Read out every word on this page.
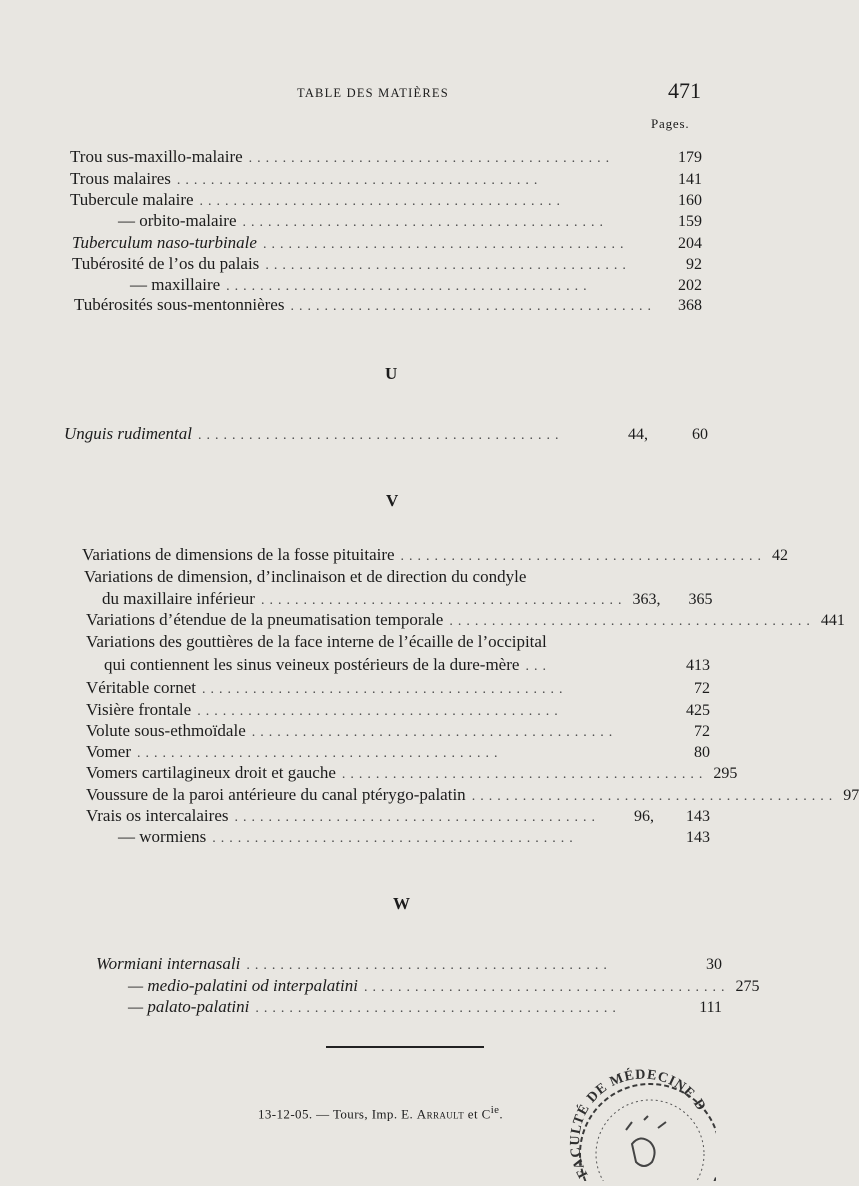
TABLE DES MATIÈRES	471
Pages.
Trou sus-maxillo-malaire ...........................................	179
Trous malaires ...........................................	141
Tubercule malaire ...........................................	160
— orbito-malaire ...........................................	159
Tuberculum naso-turbinale ...........................................	204
Tubérosité de l’os du palais ...........................................	92
— maxillaire ...........................................	202
Tubérosités sous-mentonnières ...........................................	368
U
Unguis rudimental ...........................................	44,	60
V
Variations de dimensions de la fosse pituitaire ........................................... 42
Variations de dimension, d’inclinaison et de direction du condyle
du maxillaire inférieur ........................................... 363,	365
Variations d’étendue de la pneumatisation temporale ........................................... 441
Variations des gouttières de la face interne de l’écaille de l’occipital
qui contiennent les sinus veineux postérieurs de la dure-mère ...	413
Véritable cornet ...........................................	72
Visière frontale ...........................................	425
Volute sous-ethmoïdale ...........................................	72
Vomer ...........................................	80
Vomers cartilagineux droit et gauche ........................................... 295
Voussure de la paroi antérieure du canal ptérygo-palatin ........................................... 97
Vrais os intercalaires ...........................................	96,	143
— wormiens ...........................................	143
W
Wormiani internasali ...........................................	30
— medio-palatini od interpalatini ........................................... 275
— palato-palatini ...........................................	111
13-12-05. — Tours, Imp. E. Arrault et $C^{ie}$.
FACULTÉ DE MÉDECINE D
